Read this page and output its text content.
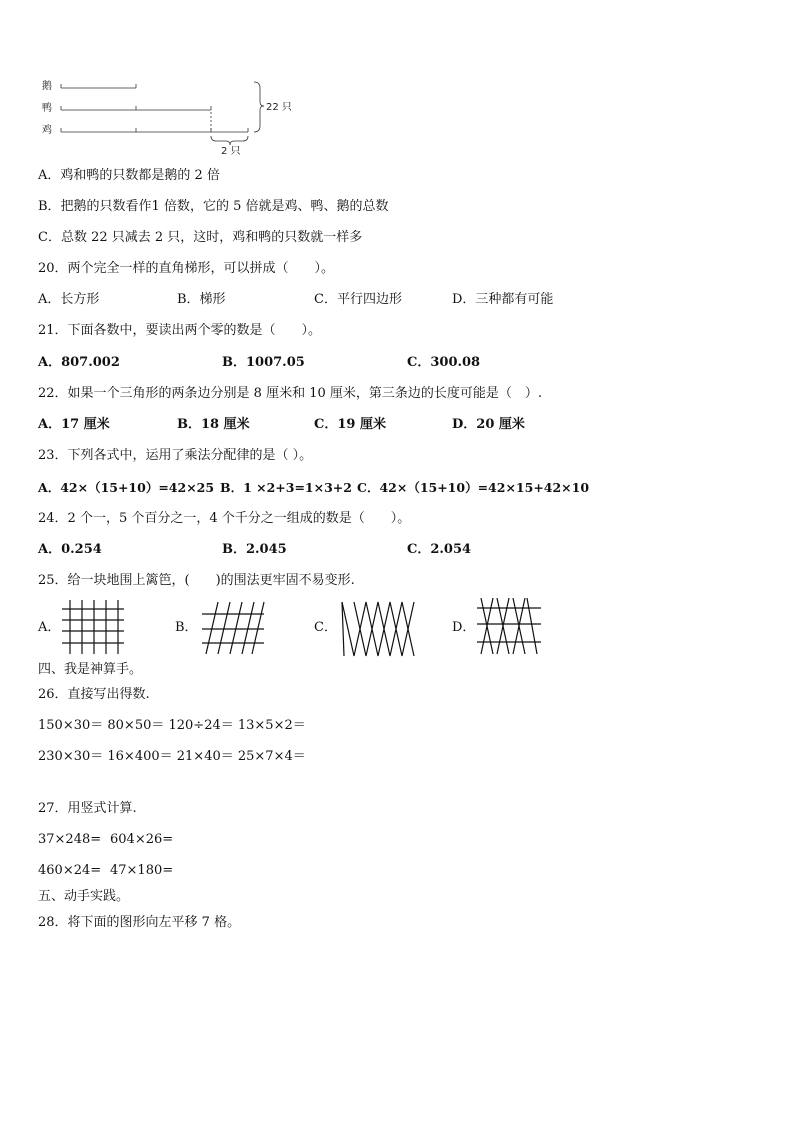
鹅
鸭
鸡
22 只
2 只
A．鸡和鸭的只数都是鹅的 2 倍
B．把鹅的只数看作1 倍数，它的 5 倍就是鸡、鸭、鹅的总数
C．总数 22 只减去 2 只，这时，鸡和鸭的只数就一样多
20．两个完全一样的直角梯形，可以拼成（　　）。
A．长方形	B．梯形	C．平行四边形	D．三种都有可能
21．下面各数中，要读出两个零的数是（　　）。
A．807.002	B．1007.05	C．300.08
22．如果一个三角形的两条边分别是 8 厘米和 10 厘米，第三条边的长度可能是（　）.
A．17 厘米	B．18 厘米	C．19 厘米	D．20 厘米
23．下列各式中，运用了乘法分配律的是（ ）。
A．42×（15+10）=42×25 B．1 ×2+3=1×3+2 C．42×（15+10）=42×15+42×10
24．2 个一，5 个百分之一，4 个千分之一组成的数是（　　）。
A．0.254	B．2.045	C．2.054
25．给一块地围上篱笆，(　　)的围法更牢固不易变形.
A．	B．	C．	D．
四、我是神算手。
26．直接写出得数.
150×30＝ 80×50＝ 120÷24＝ 13×5×2＝
230×30＝ 16×400＝ 21×40＝ 25×7×4＝
27．用竖式计算.
37×248= 604×26=
460×24= 47×180=
五、动手实践。
28．将下面的图形向左平移 7 格。
